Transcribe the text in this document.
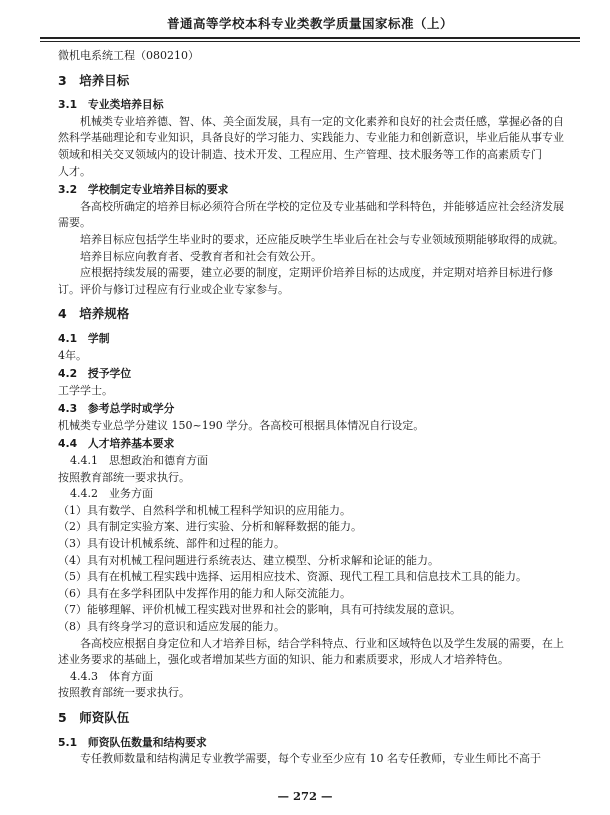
普通高等学校本科专业类教学质量国家标准（上）
微机电系统工程（080210）
3　培养目标
3.1　专业类培养目标
机械类专业培养德、智、体、美全面发展，具有一定的文化素养和良好的社会责任感，掌握必备的自
然科学基础理论和专业知识，具备良好的学习能力、实践能力、专业能力和创新意识，毕业后能从事专业
领域和相关交叉领域内的设计制造、技术开发、工程应用、生产管理、技术服务等工作的高素质专门
人才。
3.2　学校制定专业培养目标的要求
各高校所确定的培养目标必须符合所在学校的定位及专业基础和学科特色，并能够适应社会经济发展
需要。
培养目标应包括学生毕业时的要求，还应能反映学生毕业后在社会与专业领域预期能够取得的成就。
培养目标应向教育者、受教育者和社会有效公开。
应根据持续发展的需要，建立必要的制度，定期评价培养目标的达成度，并定期对培养目标进行修
订。评价与修订过程应有行业或企业专家参与。
4　培养规格
4.1　学制
4年。
4.2　授予学位
工学学士。
4.3　参考总学时或学分
机械类专业总学分建议 150~190 学分。各高校可根据具体情况自行设定。
4.4　人才培养基本要求
4.4.1　思想政治和德育方面
按照教育部统一要求执行。
4.4.2　业务方面
（1）具有数学、自然科学和机械工程科学知识的应用能力。
（2）具有制定实验方案、进行实验、分析和解释数据的能力。
（3）具有设计机械系统、部件和过程的能力。
（4）具有对机械工程问题进行系统表达、建立模型、分析求解和论证的能力。
（5）具有在机械工程实践中选择、运用相应技术、资源、现代工程工具和信息技术工具的能力。
（6）具有在多学科团队中发挥作用的能力和人际交流能力。
（7）能够理解、评价机械工程实践对世界和社会的影响，具有可持续发展的意识。
（8）具有终身学习的意识和适应发展的能力。
各高校应根据自身定位和人才培养目标，结合学科特点、行业和区域特色以及学生发展的需要，在上
述业务要求的基础上，强化或者增加某些方面的知识、能力和素质要求，形成人才培养特色。
4.4.3　体育方面
按照教育部统一要求执行。
5　师资队伍
5.1　师资队伍数量和结构要求
专任教师数量和结构满足专业教学需要，每个专业至少应有 10 名专任教师，专业生师比不高于
— 272 —
